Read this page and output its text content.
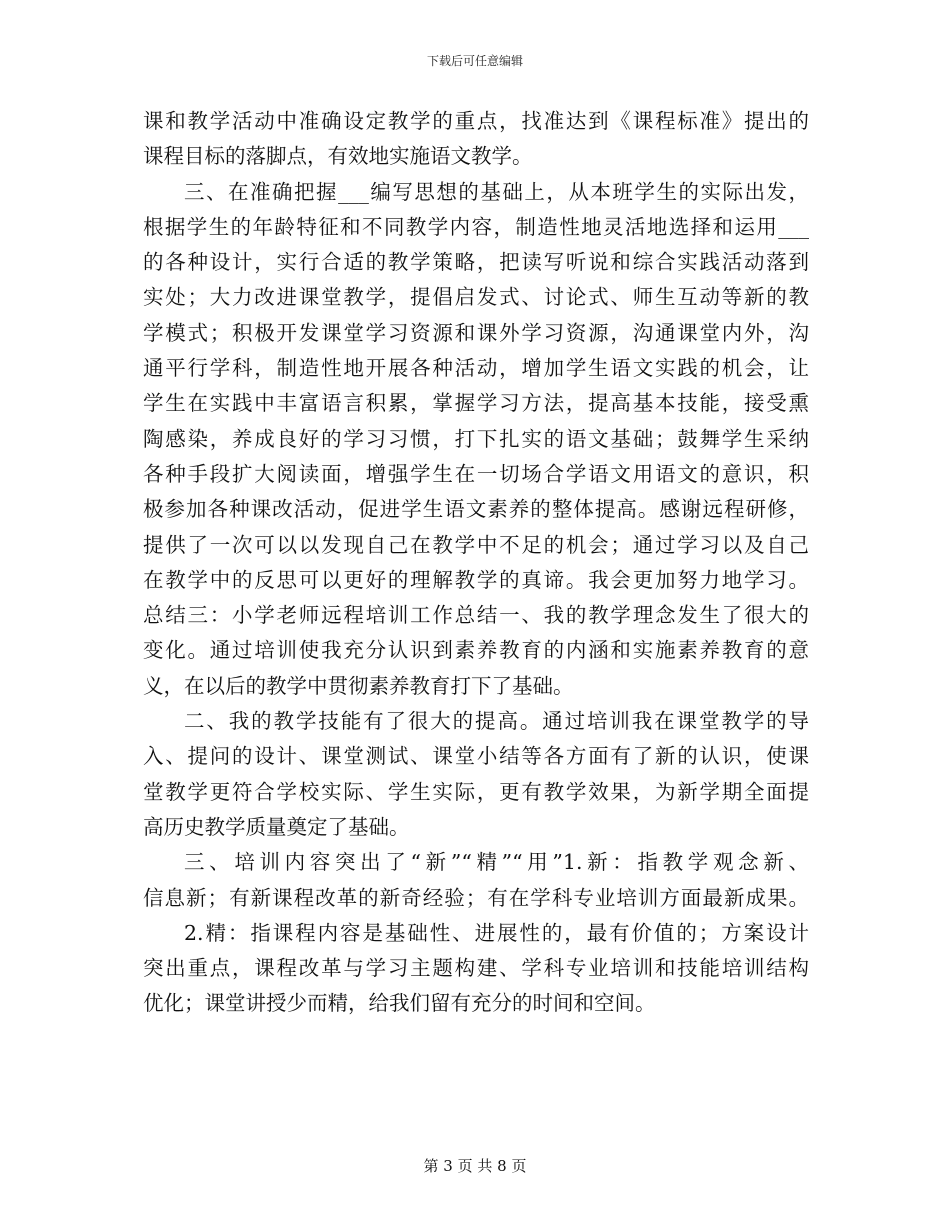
下载后可任意编辑
课和教学活动中准确设定教学的重点，找准达到《课程标准》提出的
课程目标的落脚点，有效地实施语文教学。
三、在准确把握___编写思想的基础上，从本班学生的实际出发，
根据学生的年龄特征和不同教学内容，制造性地灵活地选择和运用___
的各种设计，实行合适的教学策略，把读写听说和综合实践活动落到
实处；大力改进课堂教学，提倡启发式、讨论式、师生互动等新的教
学模式；积极开发课堂学习资源和课外学习资源，沟通课堂内外，沟
通平行学科，制造性地开展各种活动，增加学生语文实践的机会，让
学生在实践中丰富语言积累，掌握学习方法，提高基本技能，接受熏
陶感染，养成良好的学习习惯，打下扎实的语文基础；鼓舞学生采纳
各种手段扩大阅读面，增强学生在一切场合学语文用语文的意识，积
极参加各种课改活动，促进学生语文素养的整体提高。感谢远程研修，
提供了一次可以以发现自己在教学中不足的机会；通过学习以及自己
在教学中的反思可以更好的理解教学的真谛。我会更加努力地学习。
总结三：小学老师远程培训工作总结一、我的教学理念发生了很大的
变化。通过培训使我充分认识到素养教育的内涵和实施素养教育的意
义，在以后的教学中贯彻素养教育打下了基础。
二、我的教学技能有了很大的提高。通过培训我在课堂教学的导
入、提问的设计、课堂测试、课堂小结等各方面有了新的认识，使课
堂教学更符合学校实际、学生实际，更有教学效果，为新学期全面提
高历史教学质量奠定了基础。
三、培训内容突出了“新”“精”“用”1.新：指教学观念新、
信息新；有新课程改革的新奇经验；有在学科专业培训方面最新成果。
2.精：指课程内容是基础性、进展性的，最有价值的；方案设计
突出重点，课程改革与学习主题构建、学科专业培训和技能培训结构
优化；课堂讲授少而精，给我们留有充分的时间和空间。
第 3 页 共 8 页
